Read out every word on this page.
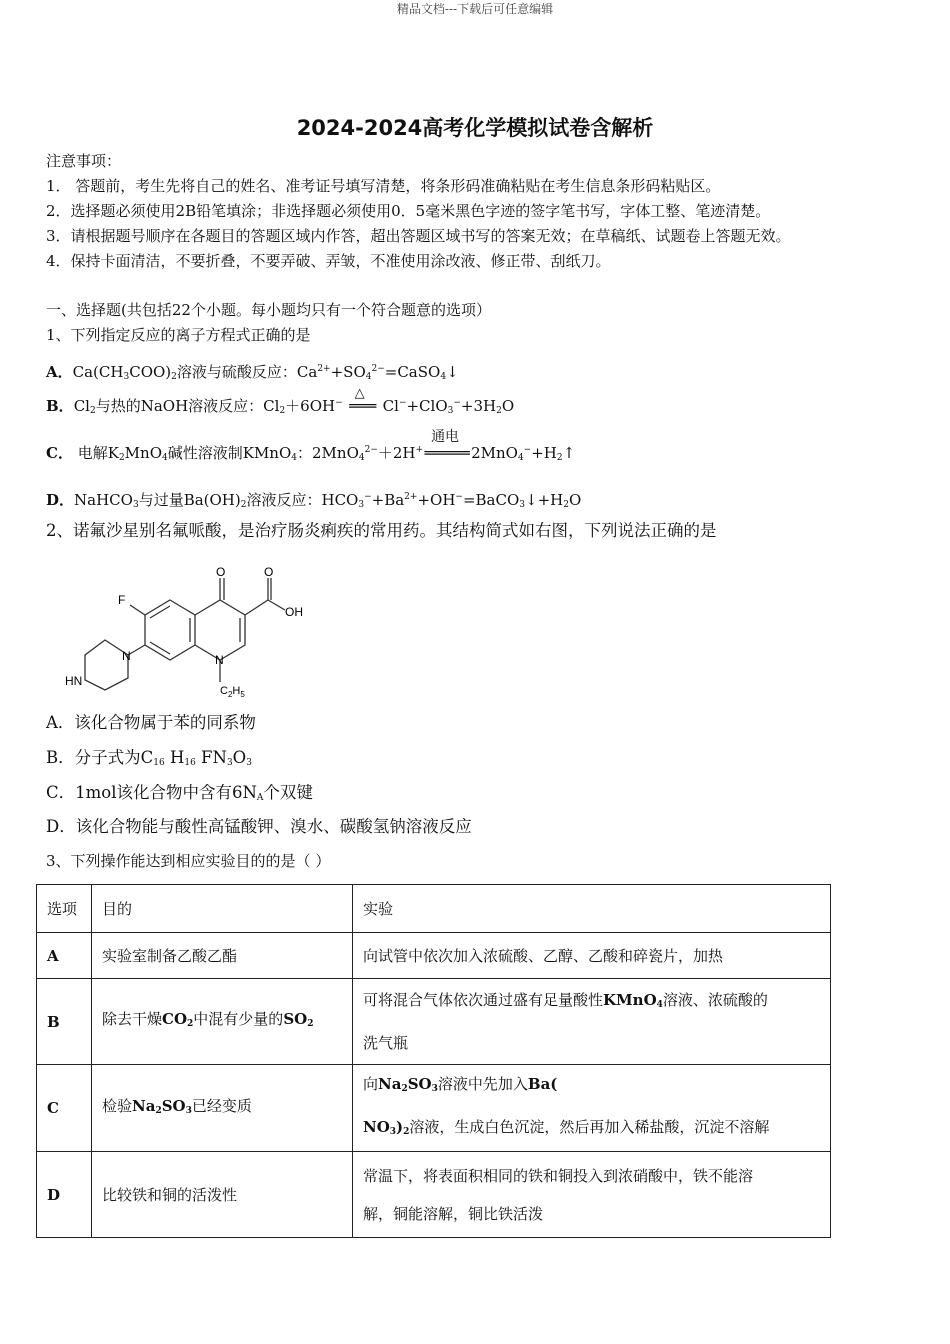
精品文档---下载后可任意编辑
2024-2024高考化学模拟试卷含解析
注意事项：
1． 答题前，考生先将自己的姓名、准考证号填写清楚，将条形码准确粘贴在考生信息条形码粘贴区。
2．选择题必须使用2B铅笔填涂；非选择题必须使用0．5毫米黑色字迹的签字笔书写，字体工整、笔迹清楚。
3．请根据题号顺序在各题目的答题区域内作答，超出答题区域书写的答案无效；在草稿纸、试题卷上答题无效。
4．保持卡面清洁，不要折叠，不要弄破、弄皱，不准使用涂改液、修正带、刮纸刀。
一、选择题(共包括22个小题。每小题均只有一个符合题意的选项）
1、下列指定反应的离子方程式正确的是
A．$Ca(CH_3COO)_2$溶液与硫酸反应：$Ca^{2+}+SO_4^{2-}=CaSO_4↓$
B．$Cl_2$与热的NaOH溶液反应：$Cl_2+6OH^-$
△
═══ $Cl^-+ClO_3^-+3H_2O$
C． 电解$K_2MnO_4$碱性溶液制KMnO$_4$：2MnO$_4^{2-}$＋2H+
通电
$═════2MnO_4^-+H_2↑$
D．NaHCO$_3$与过量$Ba(OH)_2$溶液反应：$HCO_3^-+Ba^{2+}+OH^-=BaCO_3↓+H_2O$
2、诺氟沙星别名氟哌酸，是治疗肠炎痢疾的常用药。其结构简式如右图，下列说法正确的是
F
O	O
OH
N	N
HN
$C_2H_5$
A．该化合物属于苯的同系物
B．分子式为$C_{16}$ $H_{16}$ $FN_3O_3$
C．1mol该化合物中含有$6N_A$个双键
D．该化合物能与酸性高锰酸钾、溴水、碳酸氢钠溶液反应
3、下列操作能达到相应实验目的的是（ ）
选项	目的	实验
A	实验室制备乙酸乙酯	向试管中依次加入浓硫酸、乙醇、乙酸和碎瓷片，加热
B	除去干燥$CO_2$中混有少量的$SO_2$	可将混合气体依次通过盛有足量酸性KMnO$_4$溶液、浓硫酸的
洗气瓶
C	检验$Na_2SO_3$已经变质	向$Na_2SO_3$溶液中先加入Ba(
$NO_3)_2$溶液，生成白色沉淀，然后再加入稀盐酸，沉淀不溶解
D	比较铁和铜的活泼性	常温下，将表面积相同的铁和铜投入到浓硝酸中，铁不能溶
解，铜能溶解，铜比铁活泼
